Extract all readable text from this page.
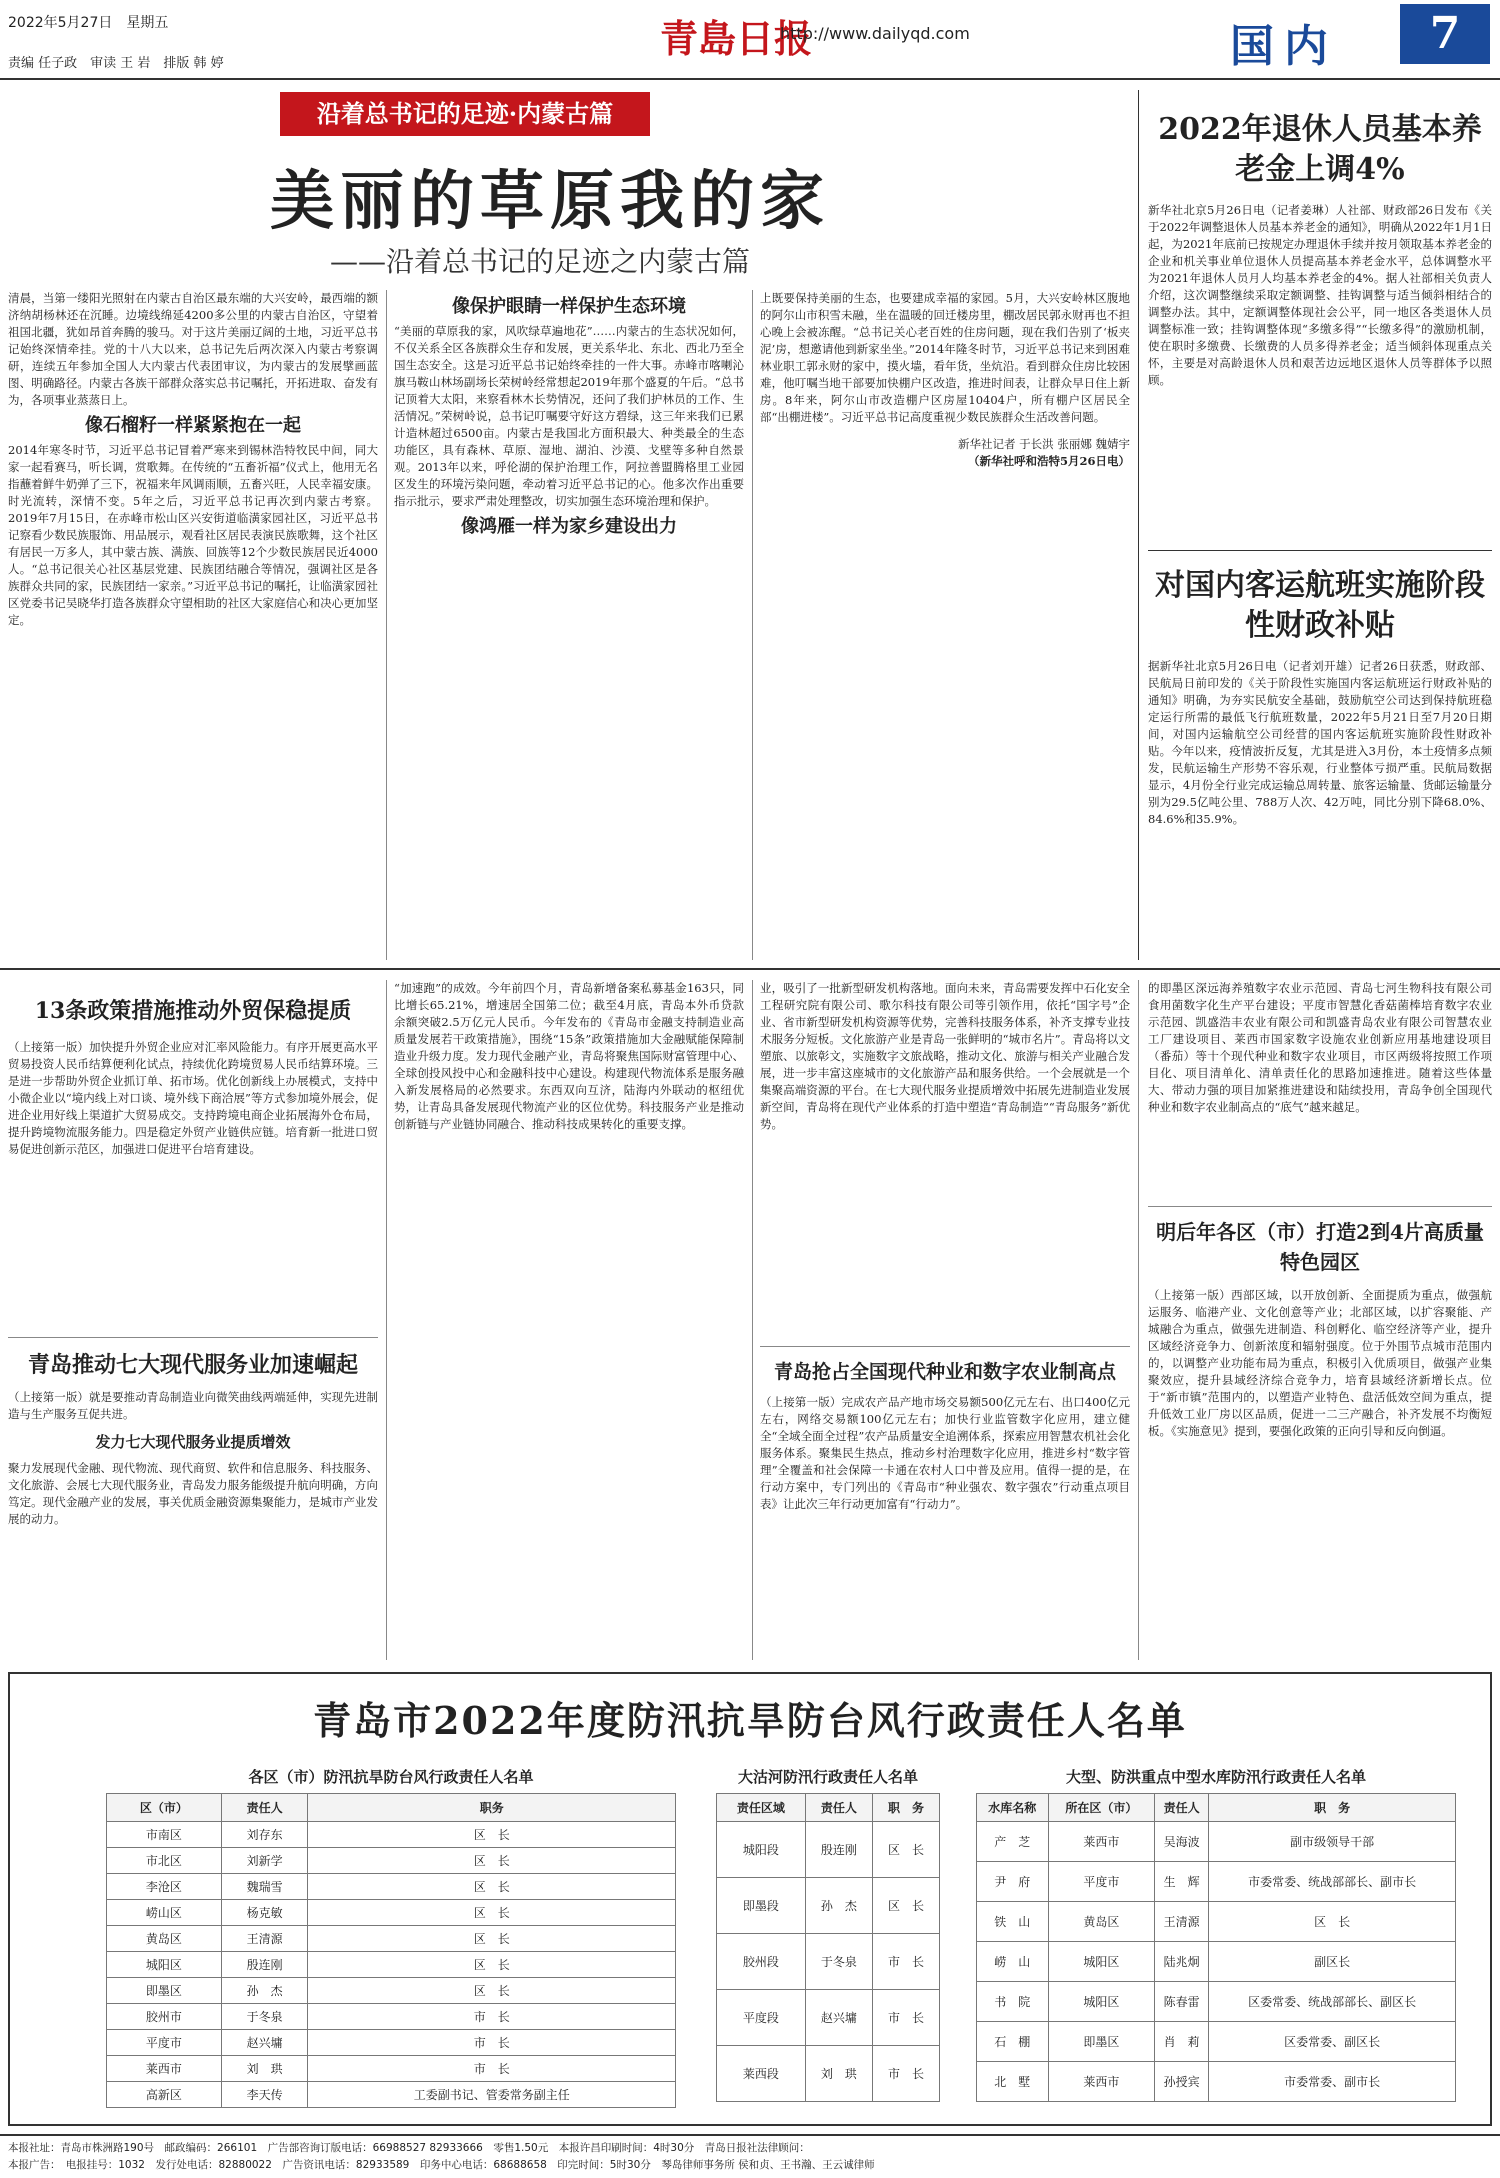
2022年5月27日　星期五
责编 任子政　审读 王 岩　排版 韩 婷
青島日报
http://www.dailyqd.com	国内	7
沿着总书记的足迹·内蒙古篇
美丽的草原我的家
——沿着总书记的足迹之内蒙古篇

清晨，当第一缕阳光照射在内蒙古自治区最东端的大兴安岭，最西端的额济纳胡杨林还在沉睡。边境线绵延4200多公里的内蒙古自治区，守望着祖国北疆，犹如昂首奔腾的骏马。对于这片美丽辽阔的土地，习近平总书记始终深情牵挂。党的十八大以来，总书记先后两次深入内蒙古考察调研，连续五年参加全国人大内蒙古代表团审议，为内蒙古的发展擘画蓝图、明确路径。内蒙古各族干部群众落实总书记嘱托，开拓进取、奋发有为，各项事业蒸蒸日上。

像石榴籽一样紧紧抱在一起

2014年寒冬时节，习近平总书记冒着严寒来到锡林浩特牧民中间，同大家一起看赛马，听长调，赏歌舞。在传统的“五畜祈福”仪式上，他用无名指蘸着鲜牛奶弹了三下，祝福来年风调雨顺，五畜兴旺，人民幸福安康。时光流转，深情不变。5年之后，习近平总书记再次到内蒙古考察。2019年7月15日，在赤峰市松山区兴安街道临潢家园社区，习近平总书记察看少数民族服饰、用品展示，观看社区居民表演民族歌舞，这个社区有居民一万多人，其中蒙古族、满族、回族等12个少数民族居民近4000人。“总书记很关心社区基层党建、民族团结融合等情况，强调社区是各族群众共同的家，民族团结一家亲。”习近平总书记的嘱托，让临潢家园社区党委书记吴晓华打造各族群众守望相助的社区大家庭信心和决心更加坚定。

像保护眼睛一样保护生态环境

“美丽的草原我的家，风吹绿草遍地花”……内蒙古的生态状况如何，不仅关系全区各族群众生存和发展，更关系华北、东北、西北乃至全国生态安全。这是习近平总书记始终牵挂的一件大事。赤峰市喀喇沁旗马鞍山林场副场长荣树岭经常想起2019年那个盛夏的午后。“总书记顶着大太阳，来察看林木长势情况，还问了我们护林员的工作、生活情况。”荣树岭说，总书记叮嘱要守好这方碧绿，这三年来我们已累计造林超过6500亩。内蒙古是我国北方面积最大、种类最全的生态功能区，具有森林、草原、湿地、湖泊、沙漠、戈壁等多种自然景观。2013年以来，呼伦湖的保护治理工作，阿拉善盟腾格里工业园区发生的环境污染问题，牵动着习近平总书记的心。他多次作出重要指示批示，要求严肃处理整改，切实加强生态环境治理和保护。

像鸿雁一样为家乡建设出力

上既要保持美丽的生态，也要建成幸福的家园。5月，大兴安岭林区腹地的阿尔山市积雪未融，坐在温暖的回迁楼房里，棚改居民郭永财再也不担心晚上会被冻醒。“总书记关心老百姓的住房问题，现在我们告别了‘板夹泥’房，想邀请他到新家坐坐。”2014年隆冬时节，习近平总书记来到困难林业职工郭永财的家中，摸火墙，看年货，坐炕沿。看到群众住房比较困难，他叮嘱当地干部要加快棚户区改造，推进时间表，让群众早日住上新房。8年来，阿尔山市改造棚户区房屋10404户，所有棚户区居民全部“出棚进楼”。习近平总书记高度重视少数民族群众生活改善问题。

新华社记者 于长洪 张丽娜 魏婧宇

（新华社呼和浩特5月26日电）

2022年退休人员基本养老金上调4%

新华社北京5月26日电（记者姜琳）人社部、财政部26日发布《关于2022年调整退休人员基本养老金的通知》，明确从2022年1月1日起，为2021年底前已按规定办理退休手续并按月领取基本养老金的企业和机关事业单位退休人员提高基本养老金水平，总体调整水平为2021年退休人员月人均基本养老金的4%。据人社部相关负责人介绍，这次调整继续采取定额调整、挂钩调整与适当倾斜相结合的调整办法。其中，定额调整体现社会公平，同一地区各类退休人员调整标准一致；挂钩调整体现“多缴多得”“长缴多得”的激励机制，使在职时多缴费、长缴费的人员多得养老金；适当倾斜体现重点关怀，主要是对高龄退休人员和艰苦边远地区退休人员等群体予以照顾。

对国内客运航班实施阶段性财政补贴

据新华社北京5月26日电（记者刘开雄）记者26日获悉，财政部、民航局日前印发的《关于阶段性实施国内客运航班运行财政补贴的通知》明确，为夯实民航安全基础，鼓励航空公司达到保持航班稳定运行所需的最低飞行航班数量，2022年5月21日至7月20日期间，对国内运输航空公司经营的国内客运航班实施阶段性财政补贴。今年以来，疫情波折反复，尤其是进入3月份，本土疫情多点频发，民航运输生产形势不容乐观，行业整体亏损严重。民航局数据显示，4月份全行业完成运输总周转量、旅客运输量、货邮运输量分别为29.5亿吨公里、788万人次、42万吨，同比分别下降68.0%、84.6%和35.9%。

13条政策措施推动外贸保稳提质

（上接第一版）加快提升外贸企业应对汇率风险能力。有序开展更高水平贸易投资人民币结算便利化试点，持续优化跨境贸易人民币结算环境。三是进一步帮助外贸企业抓订单、拓市场。优化创新线上办展模式，支持中小微企业以“境内线上对口谈、境外线下商洽展”等方式参加境外展会，促进企业用好线上渠道扩大贸易成交。支持跨境电商企业拓展海外仓布局，提升跨境物流服务能力。四是稳定外贸产业链供应链。培育新一批进口贸易促进创新示范区，加强进口促进平台培育建设。

青岛推动七大现代服务业加速崛起

（上接第一版）就是要推动青岛制造业向微笑曲线两端延伸，实现先进制造与生产服务互促共进。

发力七大现代服务业提质增效

聚力发展现代金融、现代物流、现代商贸、软件和信息服务、科技服务、文化旅游、会展七大现代服务业，青岛发力服务能级提升航向明确，方向笃定。现代金融产业的发展，事关优质金融资源集聚能力，是城市产业发展的动力。

“加速跑”的成效。今年前四个月，青岛新增备案私募基金163只，同比增长65.21%，增速居全国第二位；截至4月底，青岛本外币贷款余额突破2.5万亿元人民币。今年发布的《青岛市金融支持制造业高质量发展若干政策措施》，围绕“15条”政策措施加大金融赋能保障制造业升级力度。发力现代金融产业，青岛将聚焦国际财富管理中心、全球创投风投中心和金融科技中心建设。构建现代物流体系是服务融入新发展格局的必然要求。东西双向互济，陆海内外联动的枢纽优势，让青岛具备发展现代物流产业的区位优势。科技服务产业是推动创新链与产业链协同融合、推动科技成果转化的重要支撑。

业，吸引了一批新型研发机构落地。面向未来，青岛需要发挥中石化安全工程研究院有限公司、歌尔科技有限公司等引领作用，依托“国字号”企业、省市新型研发机构资源等优势，完善科技服务体系，补齐支撑专业技术服务分短板。文化旅游产业是青岛一张鲜明的“城市名片”。青岛将以文塑旅、以旅彰文，实施数字文旅战略，推动文化、旅游与相关产业融合发展，进一步丰富这座城市的文化旅游产品和服务供给。一个会展就是一个集聚高端资源的平台。在七大现代服务业提质增效中拓展先进制造业发展新空间，青岛将在现代产业体系的打造中塑造“青岛制造”“青岛服务”新优势。

青岛抢占全国现代种业和数字农业制高点

（上接第一版）完成农产品产地市场交易额500亿元左右、出口400亿元左右，网络交易额100亿元左右；加快行业监管数字化应用，建立健全“全域全面全过程”农产品质量安全追溯体系，探索应用智慧农机社会化服务体系。聚集民生热点，推动乡村治理数字化应用，推进乡村“数字管理”全覆盖和社会保障一卡通在农村人口中普及应用。值得一提的是，在行动方案中，专门列出的《青岛市“种业强农、数字强农”行动重点项目表》让此次三年行动更加富有“行动力”。

的即墨区深远海养殖数字农业示范园、青岛七河生物科技有限公司食用菌数字化生产平台建设；平度市智慧化香菇菌棒培育数字农业示范园、凯盛浩丰农业有限公司和凯盛青岛农业有限公司智慧农业工厂建设项目、莱西市国家数字设施农业创新应用基地建设项目（番茄）等十个现代种业和数字农业项目，市区两级将按照工作项目化、项目清单化、清单责任化的思路加速推进。随着这些体量大、带动力强的项目加紧推进建设和陆续投用，青岛争创全国现代种业和数字农业制高点的“底气”越来越足。

明后年各区（市）打造2到4片高质量特色园区

（上接第一版）西部区域，以开放创新、全面提质为重点，做强航运服务、临港产业、文化创意等产业；北部区域，以扩容聚能、产城融合为重点，做强先进制造、科创孵化、临空经济等产业，提升区域经济竞争力、创新浓度和辐射强度。位于外围节点城市范围内的，以调整产业功能布局为重点，积极引入优质项目，做强产业集聚效应，提升县域经济综合竞争力，培育县域经济新增长点。位于“新市镇”范围内的，以塑造产业特色、盘活低效空间为重点，提升低效工业厂房以区品质，促进一二三产融合，补齐发展不均衡短板。《实施意见》提到，要强化政策的正向引导和反向倒逼。

青岛市2022年度防汛抗旱防台风行政责任人名单
各区（市）防汛抗旱防台风行政责任人名单
区（市）	责任人	职务
市南区	刘存东	区　长
市北区	刘新学	区　长
李沧区	魏瑞雪	区　长
崂山区	杨克敏	区　长
黄岛区	王清源	区　长
城阳区	殷连刚	区　长
即墨区	孙　杰	区　长
胶州市	于冬泉	市　长
平度市	赵兴墉	市　长
莱西市	刘　珙	市　长
高新区	李天传	工委副书记、管委常务副主任
大沽河防汛行政责任人名单
责任区域	责任人	职　务
城阳段	殷连刚	区　长
即墨段	孙　杰	区　长
胶州段	于冬泉	市　长
平度段	赵兴墉	市　长
莱西段	刘　珙	市　长
大型、防洪重点中型水库防汛行政责任人名单
水库名称	所在区（市）	责任人	职　务
产　芝	莱西市	吴海波	副市级领导干部
尹　府	平度市	生　辉	市委常委、统战部部长、副市长
铁　山	黄岛区	王清源	区　长
崂　山	城阳区	陆兆炯	副区长
书　院	城阳区	陈春雷	区委常委、统战部部长、副区长
石　棚	即墨区	肖　莉	区委常委、副区长
北　墅	莱西市	孙授宾	市委常委、副市长
本报社址：青岛市株洲路190号　邮政编码：266101　广告部咨询订版电话：66988527 82933666　零售1.50元　本报许昌印刷时间：4时30分　青岛日报社法律顾问：
本报广告：　电报挂号：1032　发行处电话：82880022　广告资讯电话：82933589　印务中心电话：68688658　印完时间：5时30分　琴岛律师事务所 侯和贞、王书瀚、王云诚律师
